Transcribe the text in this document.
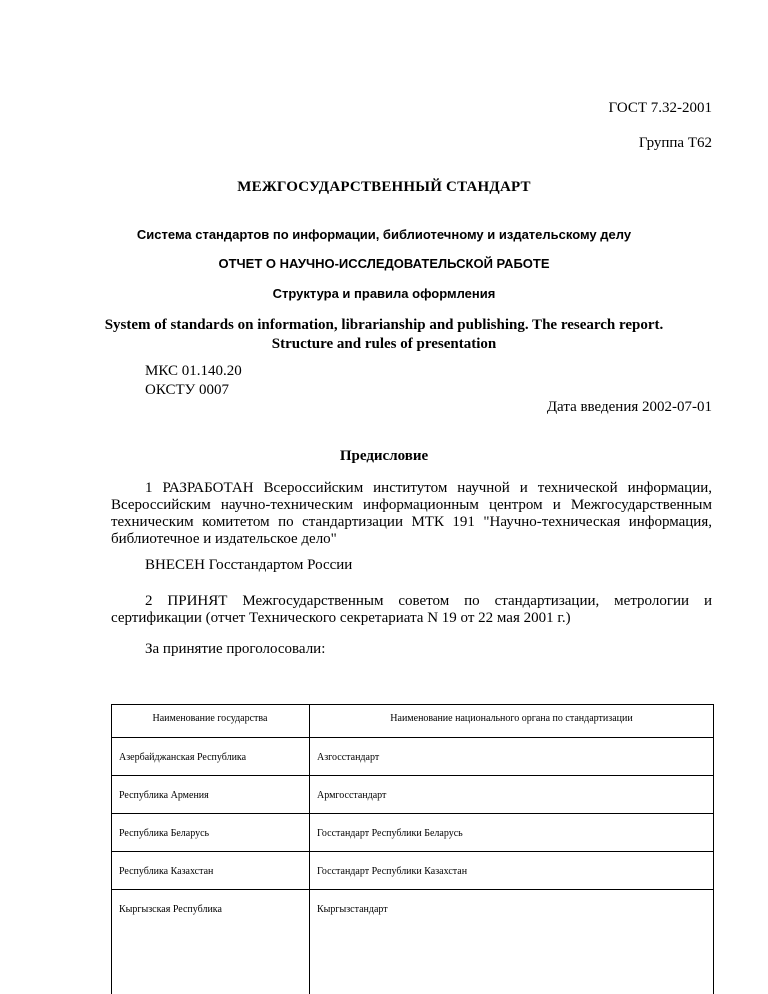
ГОСТ 7.32-2001
Группа Т62
МЕЖГОСУДАРСТВЕННЫЙ СТАНДАРТ
Система стандартов по информации, библиотечному и издательскому делу
ОТЧЕТ О НАУЧНО-ИССЛЕДОВАТЕЛЬСКОЙ РАБОТЕ
Структура и правила оформления
System of standards on information, librarianship and publishing. The research report.
Structure and rules of presentation
МКС 01.140.20
ОКСТУ 0007
Дата введения 2002-07-01
Предисловие
1 РАЗРАБОТАН Всероссийским институтом научной и технической информации, Всероссийским научно-техническим информационным центром и Межгосударственным техническим комитетом по стандартизации МТК 191 "Научно-техническая информация, библиотечное и издательское дело"
ВНЕСЕН Госстандартом России
2 ПРИНЯТ Межгосударственным советом по стандартизации, метрологии и сертификации (отчет Технического секретариата N 19 от 22 мая 2001 г.)
За принятие проголосовали:
Наименование государства	Наименование национального органа по стандартизации
Азербайджанская Республика	Азгосстандарт
Республика Армения	Армгосстандарт
Республика Беларусь	Госстандарт Республики Беларусь
Республика Казахстан	Госстандарт Республики Казахстан
Кыргызская Республика	Кыргызстандарт
